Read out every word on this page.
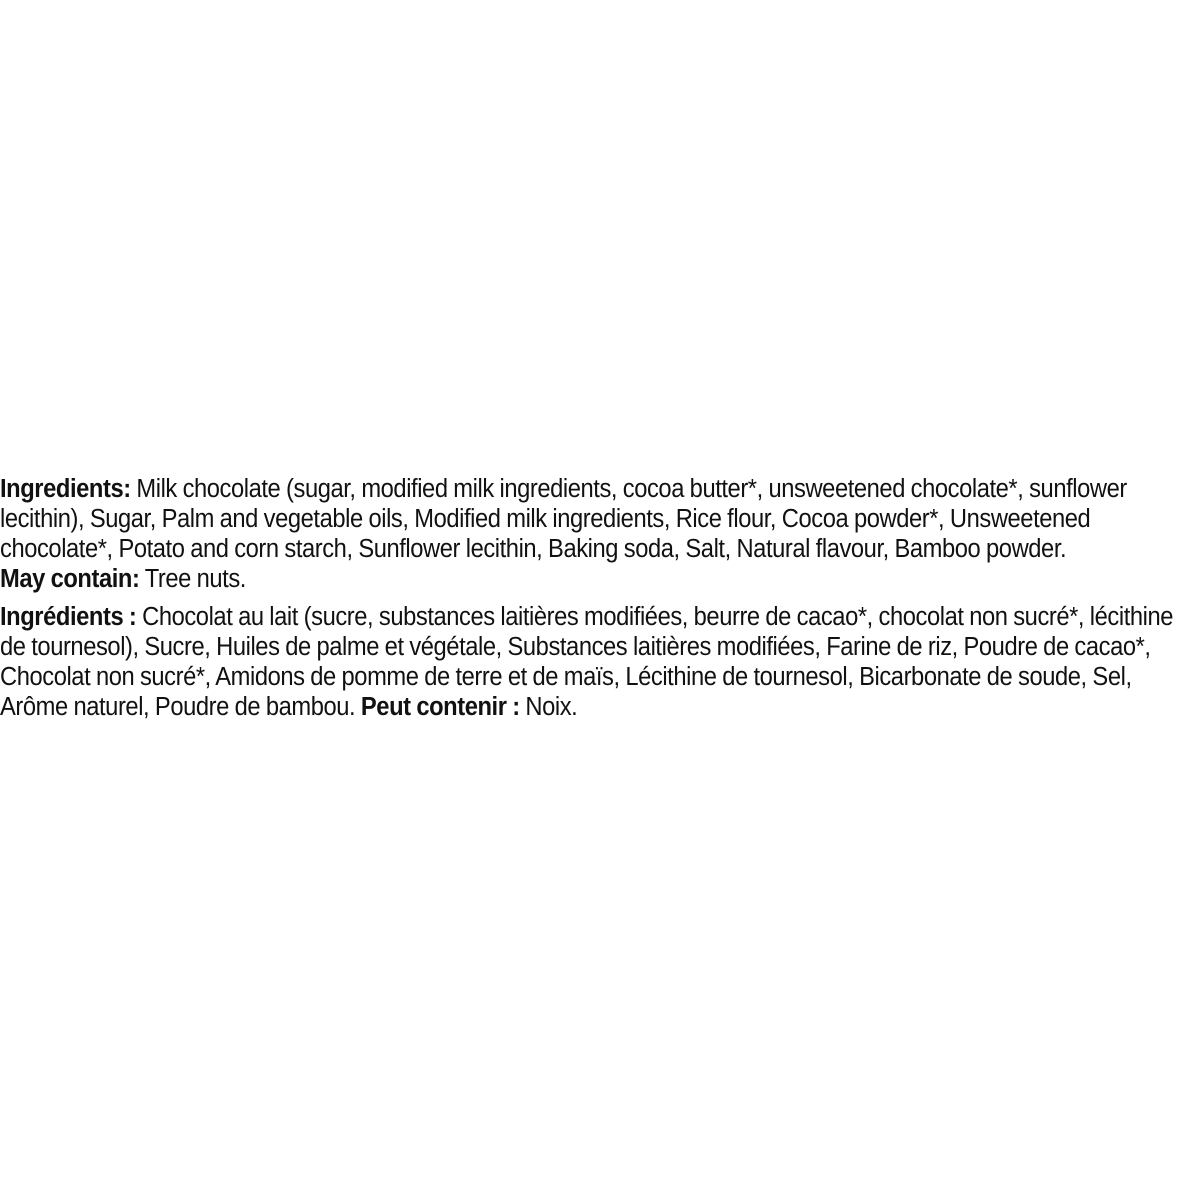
Ingredients: Milk chocolate (sugar, modified milk ingredients, cocoa butter*, unsweetened chocolate*, sunflower lecithin), Sugar, Palm and vegetable oils, Modified milk ingredients, Rice flour, Cocoa powder*, Unsweetened chocolate*, Potato and corn starch, Sunflower lecithin, Baking soda, Salt, Natural flavour, Bamboo powder.

May contain: Tree nuts.

Ingrédients : Chocolat au lait (sucre, substances laitières modifiées, beurre de cacao*, chocolat non sucré*, lécithine de tournesol), Sucre, Huiles de palme et végétale, Substances laitières modifiées, Farine de riz, Poudre de cacao*, Chocolat non sucré*, Amidons de pomme de terre et de maïs, Lécithine de tournesol, Bicarbonate de soude, Sel, Arôme naturel, Poudre de bambou. Peut contenir : Noix.
